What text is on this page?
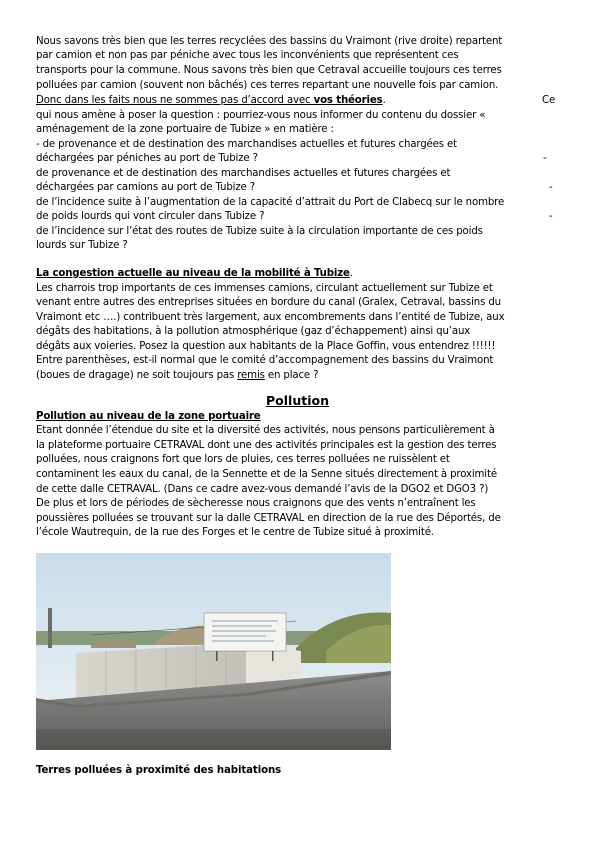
Nous savons très bien que les terres recyclées des bassins du Vraimont (rive droite) repartent
par camion et non pas par péniche avec tous les inconvénients que représentent ces
transports pour la commune. Nous savons très bien que Cetraval accueille toujours ces terres
polluées par camion (souvent non bâchés) ces terres repartant une nouvelle fois par camion.
Donc dans les faits nous ne sommes pas d’accord avec vos théories.	Ce
qui nous amène à poser la question : pourriez-vous nous informer du contenu du dossier «
aménagement de la zone portuaire de Tubize » en matière :
- de provenance et de destination des marchandises actuelles et futures chargées et
déchargées par péniches au port de Tubize ?	-
de provenance et de destination des marchandises actuelles et futures chargées et
déchargées par camions au port de Tubize ?	-
de l’incidence suite à l’augmentation de la capacité d’attrait du Port de Clabecq sur le nombre
de poids lourds qui vont circuler dans Tubize ?	-
de l’incidence sur l’état des routes de Tubize suite à la circulation importante de ces poids
lourds sur Tubize ?
La congestion actuelle au niveau de la mobilité à Tubize.
Les charrois trop importants de ces immenses camions, circulant actuellement sur Tubize et
venant entre autres des entreprises situées en bordure du canal (Gralex, Cetraval, bassins du
Vraimont etc ….) contribuent très largement, aux encombrements dans l’entité de Tubize, aux
dégâts des habitations, à la pollution atmosphérique (gaz d’échappement) ainsi qu’aux
dégâts aux voieries. Posez la question aux habitants de la Place Goffin, vous entendrez !!!!!!
Entre parenthèses, est-il normal que le comité d’accompagnement des bassins du Vraimont
(boues de dragage) ne soit toujours pas remis en place ?
Pollution
Pollution au niveau de la zone portuaire
Etant donnée l’étendue du site et la diversité des activités, nous pensons particulièrement à
la plateforme portuaire CETRAVAL dont une des activités principales est la gestion des terres
polluées, nous craignons fort que lors de pluies, ces terres polluées ne ruissèlent et
contaminent les eaux du canal, de la Sennette et de la Senne situés directement à proximité
de cette dalle CETRAVAL. (Dans ce cadre avez-vous demandé l’avis de la DGO2 et DGO3 ?)
De plus et lors de périodes de sècheresse nous craignons que des vents n’entraînent les
poussières polluées se trouvant sur la dalle CETRAVAL en direction de la rue des Déportés, de
l’école Wautrequin, de la rue des Forges et le centre de Tubize situé à proximité.
Terres polluées à proximité des habitations
